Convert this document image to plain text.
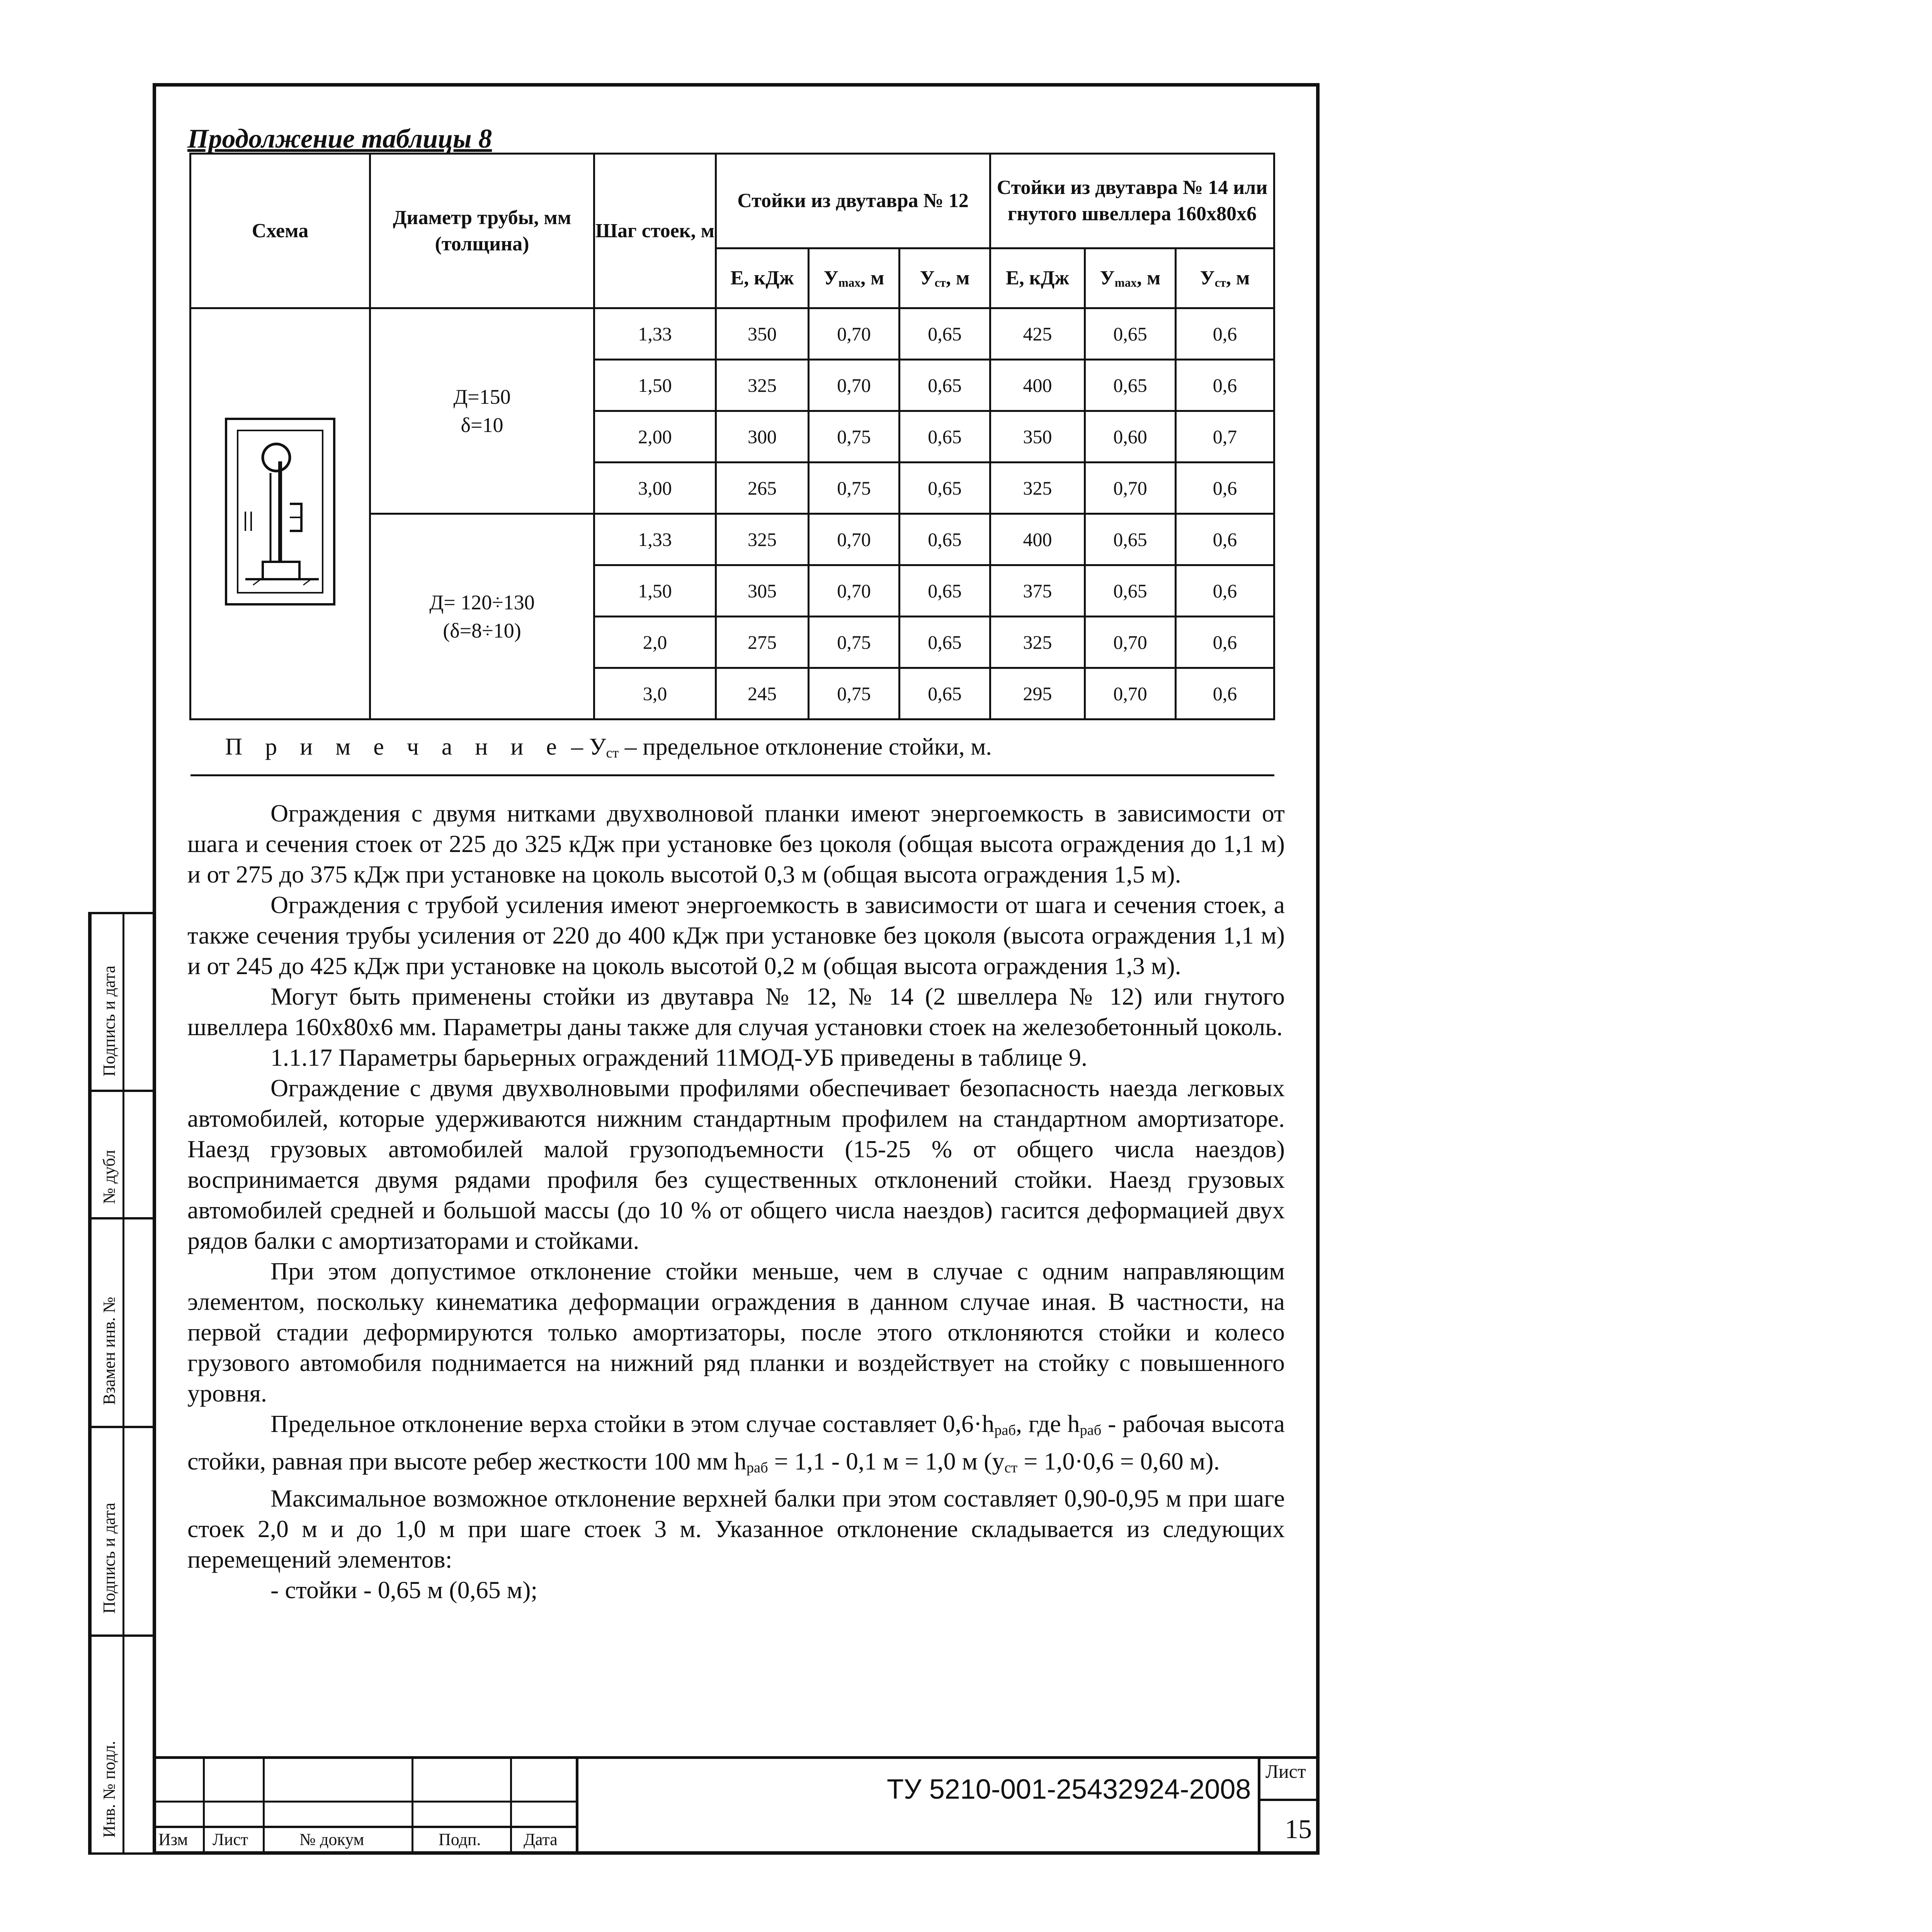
Подпись и дата
№ дубл
Взамен инв. №
Подпись и дата
Инв. № подл.
Продолжение таблицы 8
Схема	Диаметр трубы, мм (толщина)	Шаг стоек, м	Стойки из двутавра № 12			Стойки из двутавра № 14 или гнутого швеллера 160х80х6		
			Е, кДж	$У_{max}$, м	$У_{ст}$, м	Е, кДж	$У_{max}$, м	$У_{ст}$, м

Д=150
δ=10	1,33	350	0,70	0,65	425	0,65	0,6
		1,50	325	0,70	0,65	400	0,65	0,6
		2,00	300	0,75	0,65	350	0,60	0,7
		3,00	265	0,75	0,65	325	0,70	0,6

	Д= 120÷130
(δ=8÷10)	1,33	325	0,70	0,65	400	0,65	0,6
		1,50	305	0,70	0,65	375	0,65	0,6
		2,0	275	0,75	0,65	325	0,70	0,6
		3,0	245	0,75	0,65	295	0,70	0,6
П р и м е ч а н и е – Уст – предельное отклонение стойки, м.								

Ограждения с двумя нитками двухволновой планки имеют энергоемкость в зависимости от шага и сечения стоек от 225 до 325 кДж при установке без цоколя (общая высота ограждения до 1,1 м) и от 275 до 375 кДж при установке на цоколь высотой 0,3 м (общая высота ограждения 1,5 м).

Ограждения с трубой усиления имеют энергоемкость в зависимости от шага и сечения стоек, а также сечения трубы усиления от 220 до 400 кДж при установке без цоколя (высота ограждения 1,1 м) и от 245 до 425 кДж при установке на цоколь высотой 0,2 м (общая высота ограждения 1,3 м).

Могут быть применены стойки из двутавра № 12, № 14 (2 швеллера № 12) или гнутого швеллера 160х80х6 мм. Параметры даны также для случая установки стоек на железобетонный цоколь.

1.1.17 Параметры барьерных ограждений 11МОД-УБ приведены в таблице 9.

Ограждение с двумя двухволновыми профилями обеспечивает безопасность наезда легковых автомобилей, которые удерживаются нижним стандартным профилем на стандартном амортизаторе. Наезд грузовых автомобилей малой грузоподъемности (15-25 % от общего числа наездов) воспринимается двумя рядами профиля без существенных отклонений стойки. Наезд грузовых автомобилей средней и большой массы (до 10 % от общего числа наездов) гасится деформацией двух рядов балки с амортизаторами и стойками.

При этом допустимое отклонение стойки меньше, чем в случае с одним направляющим элементом, поскольку кинематика деформации ограждения в данном случае иная. В частности, на первой стадии деформируются только амортизаторы, после этого отклоняются стойки и колесо грузового автомобиля поднимается на нижний ряд планки и воздействует на стойку с повышенного уровня.

Предельное отклонение верха стойки в этом случае составляет $0,6\cdot h_{раб}$, где $h_{раб}$ - рабочая высота стойки, равная при высоте ребер жесткости 100 мм $h_{раб} = 1,1 - 0,1$ м = 1,0 м ($у_{ст} = 1,0\cdot 0,6 = 0,60$ м).

Максимальное возможное отклонение верхней балки при этом составляет 0,90-0,95 м при шаге стоек 2,0 м и до 1,0 м при шаге стоек 3 м. Указанное отклонение складывается из следующих перемещений элементов:

- стойки - 0,65 м (0,65 м);

Изм Лист	№ докум	Подп.	Дата
ТУ 5210-001-25432924-2008
Лист
15
